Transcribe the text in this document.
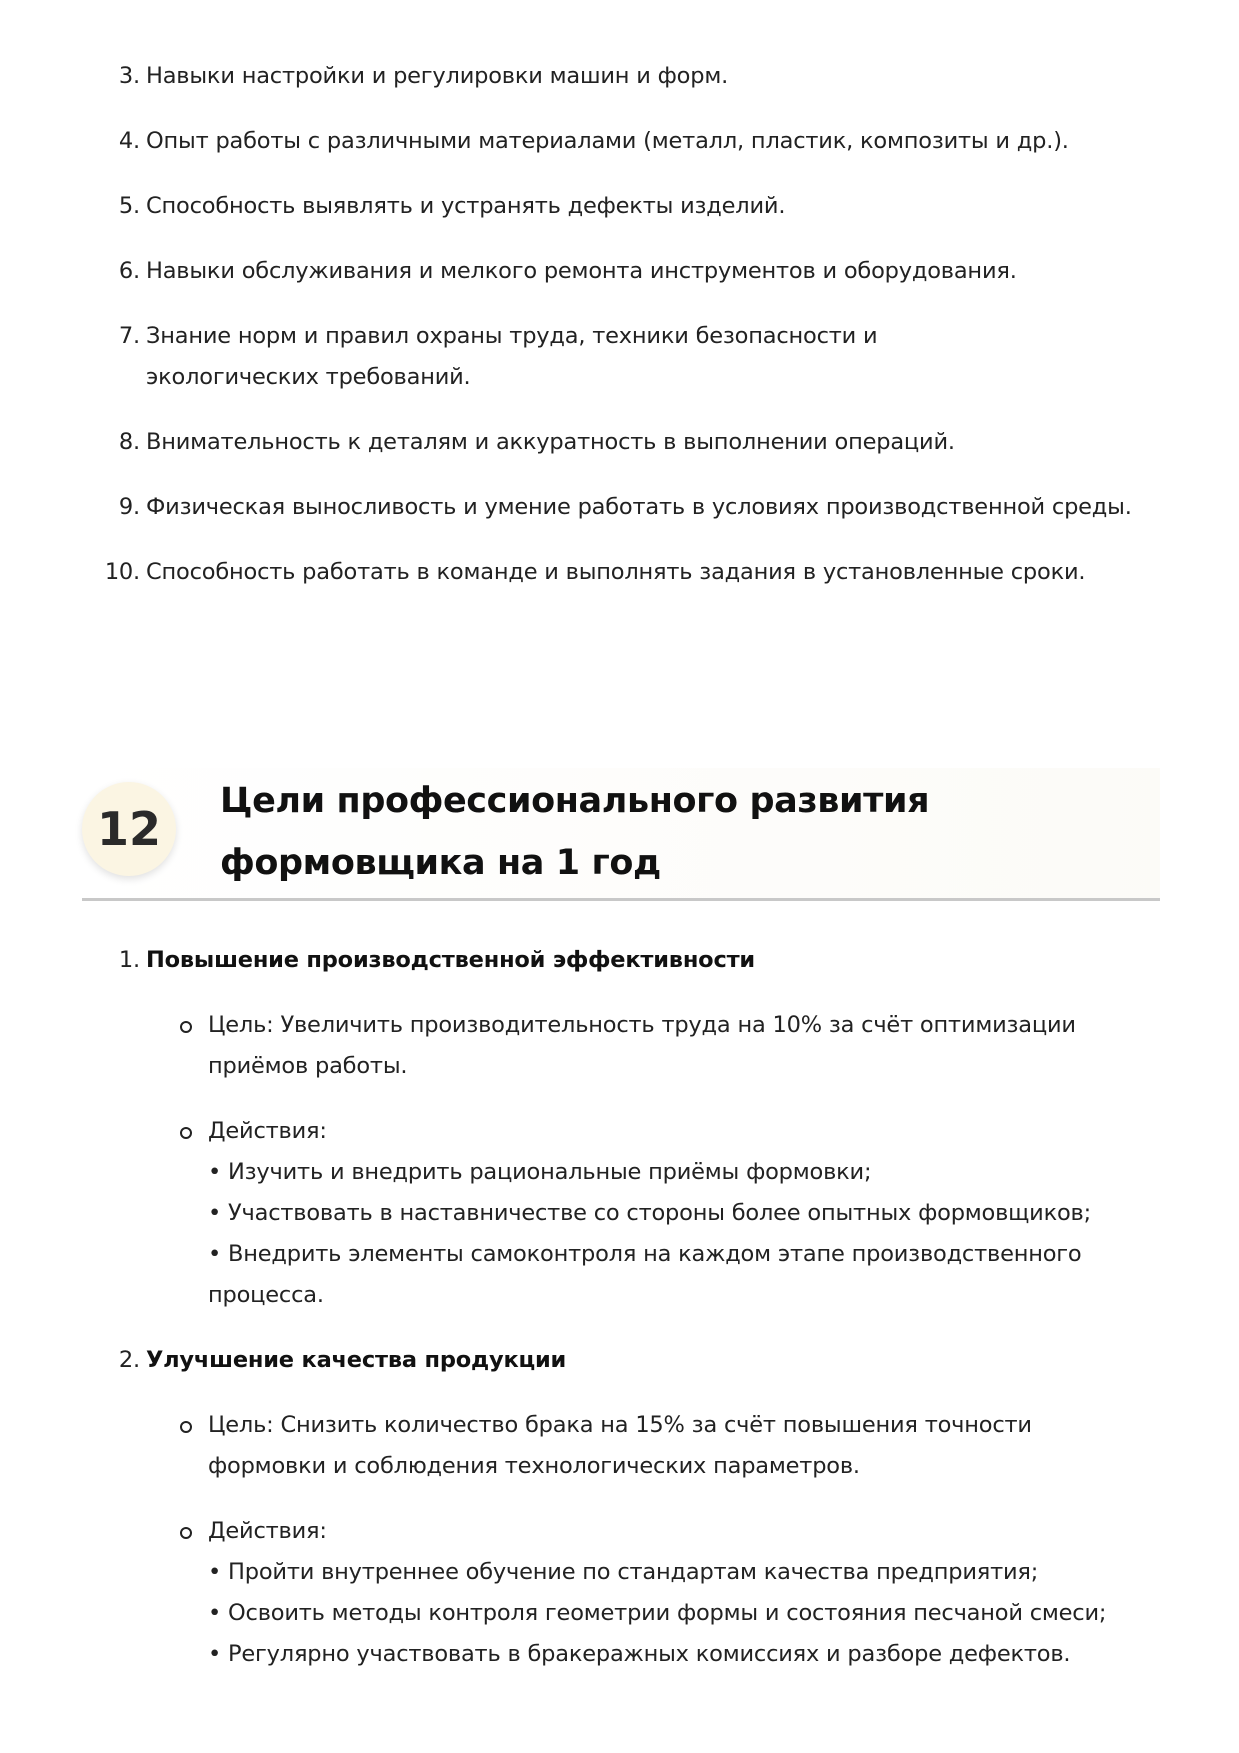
3. Навыки настройки и регулировки машин и форм.
4. Опыт работы с различными материалами (металл, пластик, композиты и др.).
5. Способность выявлять и устранять дефекты изделий.
6. Навыки обслуживания и мелкого ремонта инструментов и оборудования.
7. Знание норм и правил охраны труда, техники безопасности и экологических требований.
8. Внимательность к деталям и аккуратность в выполнении операций.
9. Физическая выносливость и умение работать в условиях производственной среды.
10. Способность работать в команде и выполнять задания в установленные сроки.
12
Цели профессионального развития формовщика на 1 год
1. Повышение производственной эффективности
Цель: Увеличить производительность труда на 10% за счёт оптимизации приёмов работы.
Действия:
• Изучить и внедрить рациональные приёмы формовки;
• Участвовать в наставничестве со стороны более опытных формовщиков;
• Внедрить элементы самоконтроля на каждом этапе производственного процесса.
2. Улучшение качества продукции
Цель: Снизить количество брака на 15% за счёт повышения точности формовки и соблюдения технологических параметров.
Действия:
• Пройти внутреннее обучение по стандартам качества предприятия;
• Освоить методы контроля геометрии формы и состояния песчаной смеси;
• Регулярно участвовать в бракеражных комиссиях и разборе дефектов.
